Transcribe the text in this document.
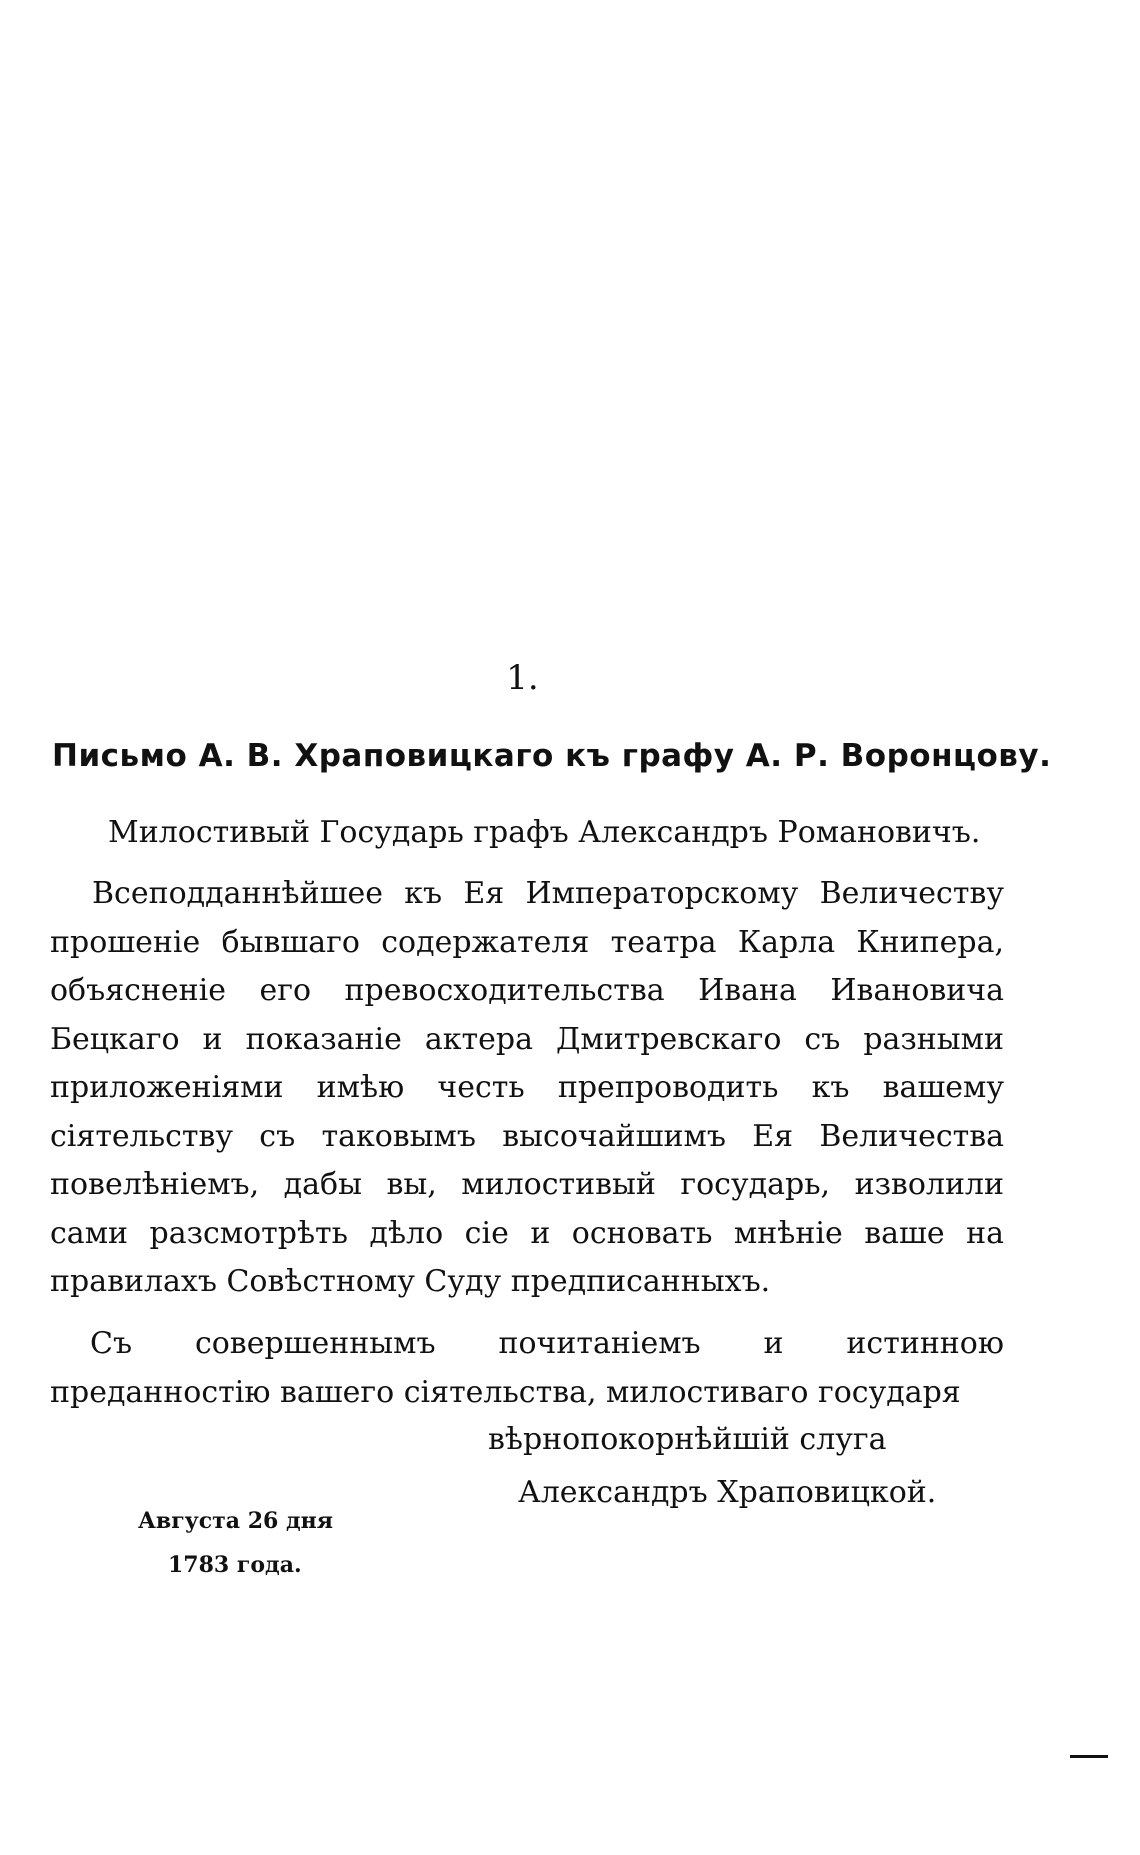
1.
Письмо А. В. Храповицкаго къ графу А. Р. Воронцову.
Милостивый Государь графъ Александръ Романовичъ.
Всеподданнѣйшее къ Ея Императорскому Величеству прошеніе бывшаго содержателя театра Карла Книпера, объясненіе его превосходительства Ивана Ивановича Бецкаго и показаніе актера Дмитревскаго съ разными приложеніями имѣю честь препроводить къ вашему сіятельству съ таковымъ высочайшимъ Ея Величества повелѣніемъ, дабы вы, милостивый государь, изволили сами разсмотрѣть дѣло сіе и основать мнѣніе ваше на правилахъ Совѣстному Суду предписанныхъ.
Съ совершеннымъ почитаніемъ и истинною преданностію вашего сіятельства, милостиваго государя
вѣрнопокорнѣйшій слуга
Александръ Храповицкой.
Августа 26 дня
1783 года.
